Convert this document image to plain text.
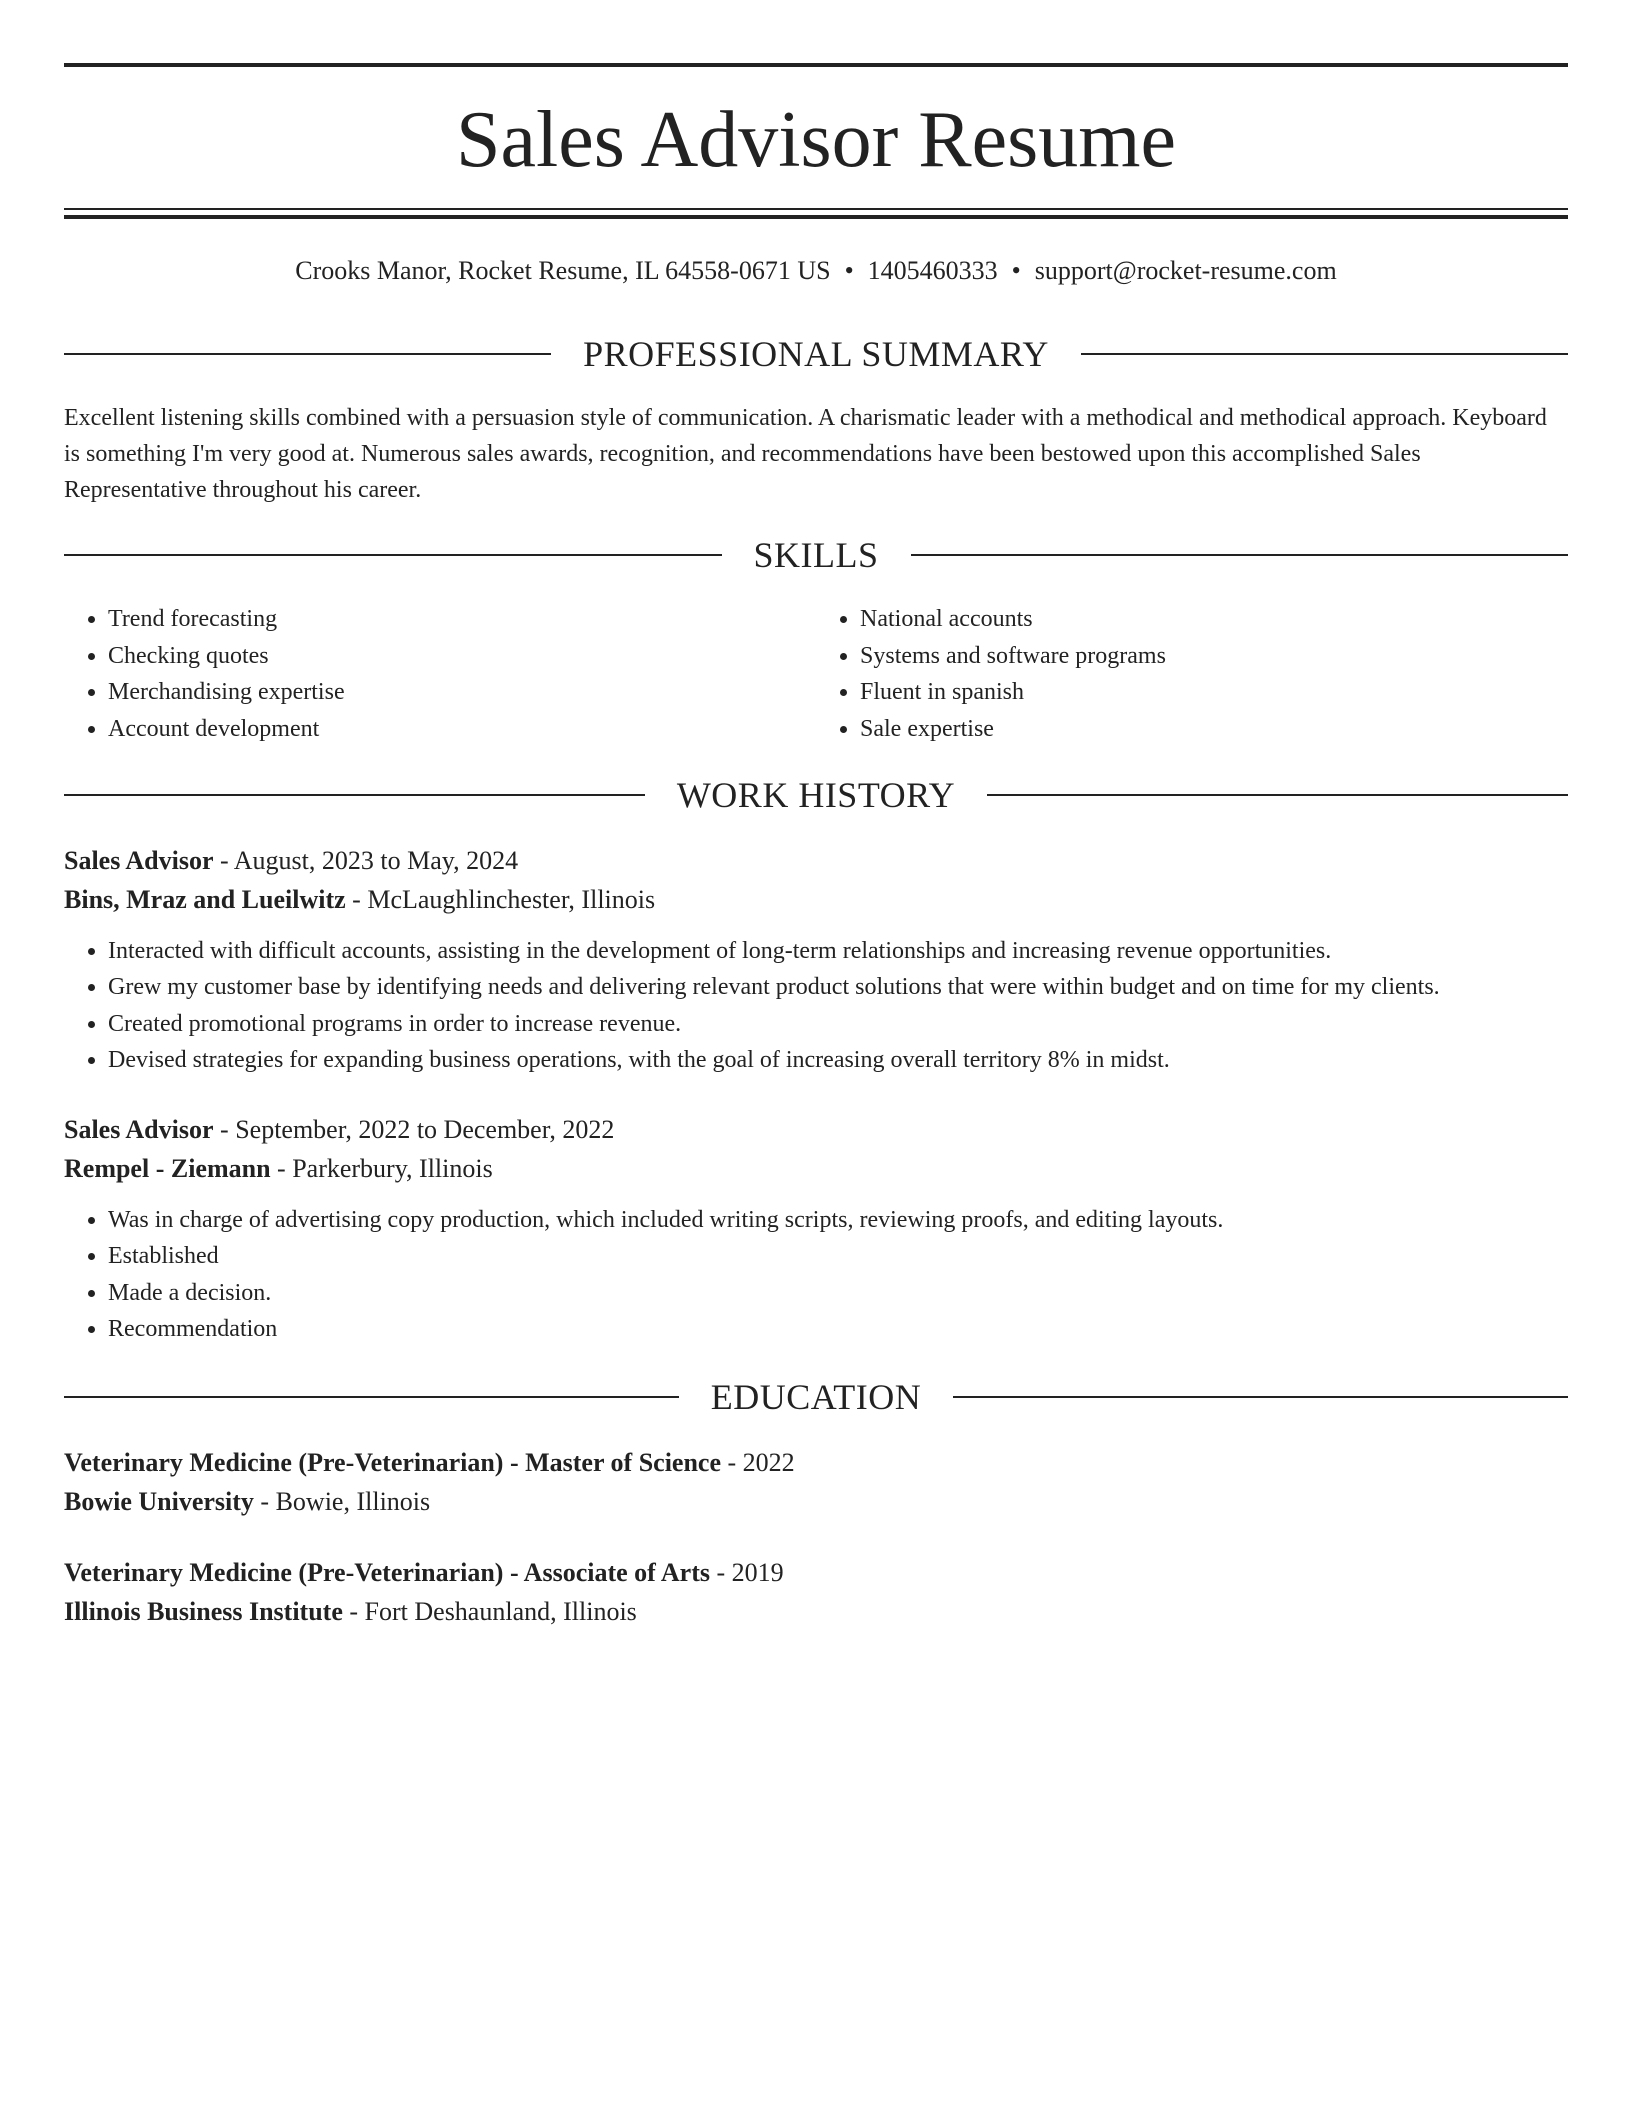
Sales Advisor Resume
Crooks Manor, Rocket Resume, IL 64558-0671 US • 1405460333 • support@rocket-resume.com
PROFESSIONAL SUMMARY

Excellent listening skills combined with a persuasion style of communication. A charismatic leader with a methodical and methodical approach. Keyboard is something I'm very good at. Numerous sales awards, recognition, and recommendations have been bestowed upon this accomplished Sales Representative throughout his career.

SKILLS
• Trend forecasting
• Checking quotes
• Merchandising expertise
• Account development
• National accounts
• Systems and software programs
• Fluent in spanish
• Sale expertise
WORK HISTORY
Sales Advisor - August, 2023 to May, 2024
Bins, Mraz and Lueilwitz - McLaughlinchester, Illinois
• Interacted with difficult accounts, assisting in the development of long-term relationships and increasing revenue opportunities.
• Grew my customer base by identifying needs and delivering relevant product solutions that were within budget and on time for my clients.
• Created promotional programs in order to increase revenue.
• Devised strategies for expanding business operations, with the goal of increasing overall territory 8% in midst.
Sales Advisor - September, 2022 to December, 2022
Rempel - Ziemann - Parkerbury, Illinois
• Was in charge of advertising copy production, which included writing scripts, reviewing proofs, and editing layouts.
• Established
• Made a decision.
• Recommendation
EDUCATION
Veterinary Medicine (Pre-Veterinarian) - Master of Science - 2022
Bowie University - Bowie, Illinois
Veterinary Medicine (Pre-Veterinarian) - Associate of Arts - 2019
Illinois Business Institute - Fort Deshaunland, Illinois
